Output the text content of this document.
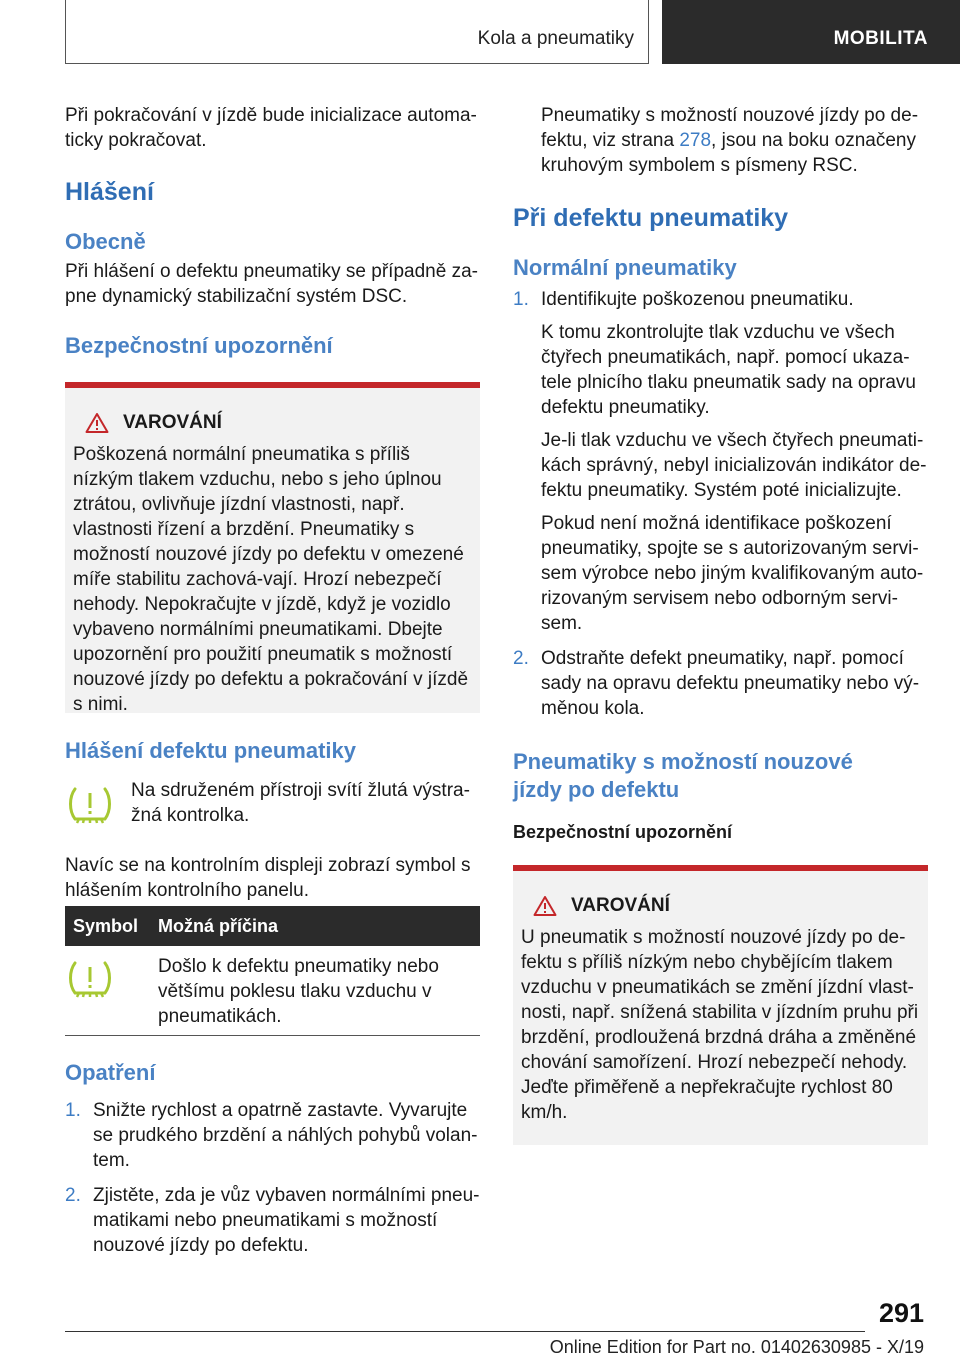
Kola a pneumatiky	MOBILITA

Při pokračování v jízdě bude inicializace automa-ticky pokračovat.

Hlášení
Obecně

Při hlášení o defektu pneumatiky se případně za-pne dynamický stabilizační systém DSC.

Bezpečnostní upozornění
VAROVÁNÍ

Poškozená normální pneumatika s příliš nízkým tlakem vzduchu, nebo s jeho úplnou ztrátou, ovlivňuje jízdní vlastnosti, např. vlastnosti řízení a brzdění. Pneumatiky s možností nouzové jízdy po defektu v omezené míře stabilitu zachová-vají. Hrozí nebezpečí nehody. Nepokračujte v jízdě, když je vozidlo vybaveno normálními pneumatikami. Dbejte upozornění pro použití pneumatik s možností nouzové jízdy po defektu a pokračování v jízdě s nimi.

Hlášení defektu pneumatiky

Na sdruženém přístroji svítí žlutá výstra-žná kontrolka.

Navíc se na kontrolním displeji zobrazí symbol s hlášením kontrolního panelu.

Symbol Možná příčina

Došlo k defektu pneumatiky nebo většímu poklesu tlaku vzduchu v pneumatikách.

Opatření
1. Snižte rychlost a opatrně zastavte. Vyvarujte se prudkého brzdění a náhlých pohybů volan-tem.
2. Zjistěte, zda je vůz vybaven normálními pneu-matikami nebo pneumatikami s možností nouzové jízdy po defektu.

Pneumatiky s možností nouzové jízdy po de-fektu, viz strana 278, jsou na boku označeny kruhovým symbolem s písmeny RSC.

Při defektu pneumatiky
Normální pneumatiky
1. Identifikujte poškozenou pneumatiku.
K tomu zkontrolujte tlak vzduchu ve všech čtyřech pneumatikách, např. pomocí ukaza-tele plnicího tlaku pneumatik sady na opravu defektu pneumatiky.
Je-li tlak vzduchu ve všech čtyřech pneumati-kách správný, nebyl inicializován indikátor de-fektu pneumatiky. Systém poté inicializujte.
Pokud není možná identifikace poškození pneumatiky, spojte se s autorizovaným servi-sem výrobce nebo jiným kvalifikovaným auto-rizovaným servisem nebo odborným servi-sem.
2. Odstraňte defekt pneumatiky, např. pomocí sady na opravu defektu pneumatiky nebo vý-měnou kola.
Pneumatiky s možností nouzové jízdy po defektu
Bezpečnostní upozornění
VAROVÁNÍ

U pneumatik s možností nouzové jízdy po de-fektu s příliš nízkým nebo chybějícím tlakem vzduchu v pneumatikách se změní jízdní vlast-nosti, např. snížená stabilita v jízdním pruhu při brzdění, prodloužená brzdná dráha a změněné chování samořízení. Hrozí nebezpečí nehody. Jeďte přiměřeně a nepřekračujte rychlost 80 km/h.

291
Online Edition for Part no. 01402630985 - X/19
